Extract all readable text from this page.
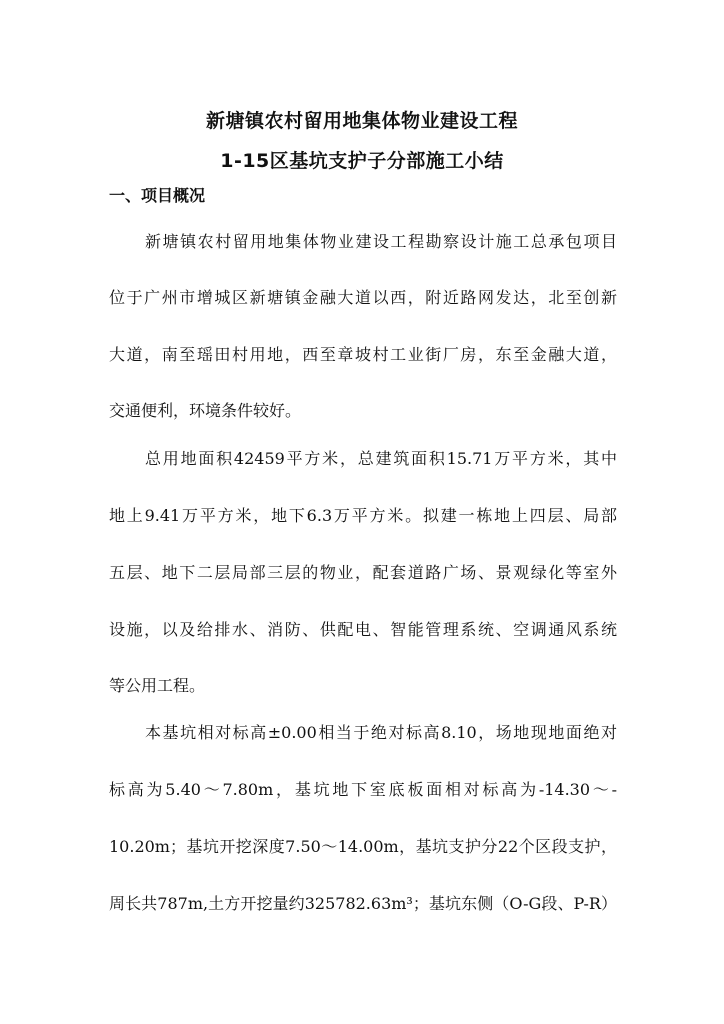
新塘镇农村留用地集体物业建设工程
1-15区基坑支护子分部施工小结
一、项目概况
新塘镇农村留用地集体物业建设工程勘察设计施工总承包项目
位于广州市增城区新塘镇金融大道以西，附近路网发达，北至创新
大道，南至瑶田村用地，西至章坡村工业街厂房，东至金融大道，
交通便利，环境条件较好。
总用地面积42459平方米，总建筑面积15.71万平方米，其中
地上9.41万平方米，地下6.3万平方米。拟建一栋地上四层、局部
五层、地下二层局部三层的物业，配套道路广场、景观绿化等室外
设施，以及给排水、消防、供配电、智能管理系统、空调通风系统
等公用工程。
本基坑相对标高±0.00相当于绝对标高8.10，场地现地面绝对
标高为5.40～7.80m，基坑地下室底板面相对标高为-14.30～-
10.20m；基坑开挖深度7.50～14.00m，基坑支护分22个区段支护，
周长共787m,土方开挖量约325782.63m³；基坑东侧（O-G段、P-R）
